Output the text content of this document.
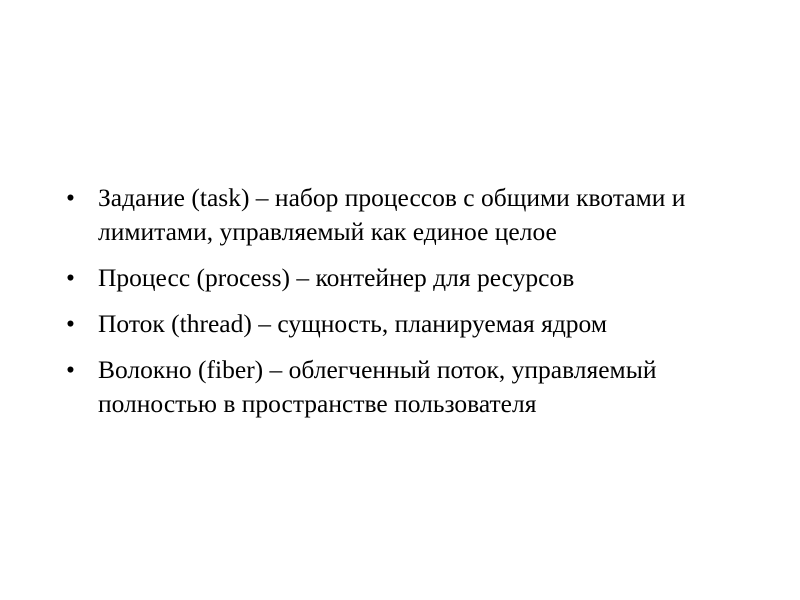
• Задание (task) – набор процессов с общими квотами и лимитами, управляемый как единое целое
• Процесс (process) – контейнер для ресурсов
• Поток (thread) – сущность, планируемая ядром
• Волокно (fiber) – облегченный поток, управляемый полностью в пространстве пользователя
